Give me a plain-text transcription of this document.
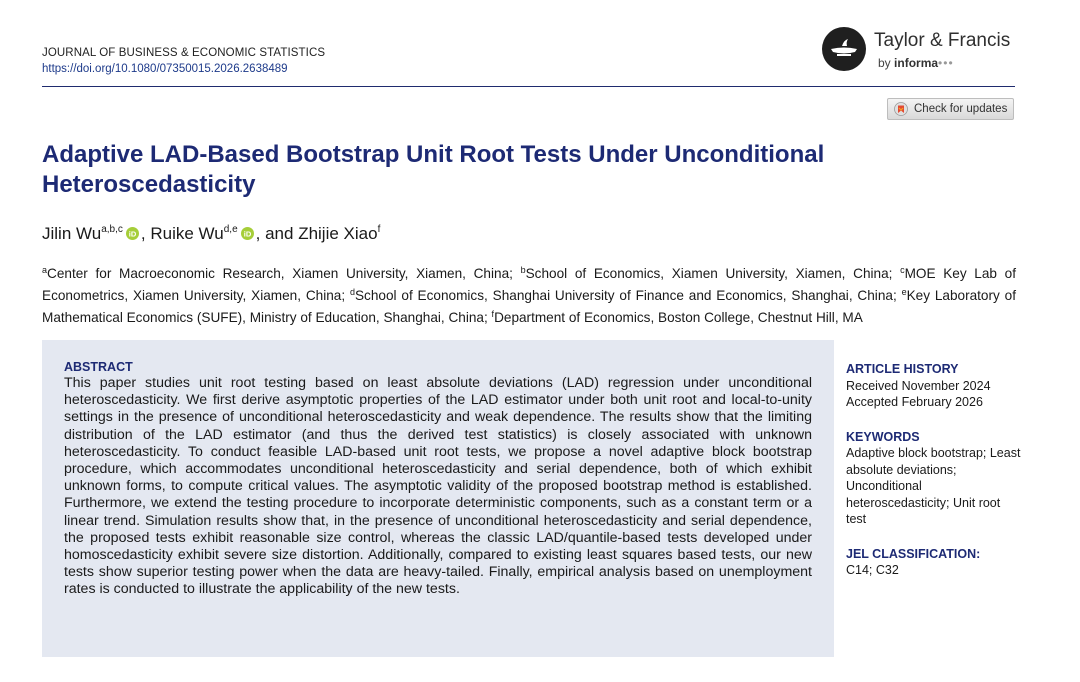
JOURNAL OF BUSINESS & ECONOMIC STATISTICS
https://doi.org/10.1080/07350015.2026.2638489
Taylor & Francis
by informa•••
Check for updates
Adaptive LAD-Based Bootstrap Unit Root Tests Under Unconditional Heteroscedasticity
Jilin Wu$^{a,b,c}$ iD , Ruike Wu$^{d,e}$ iD , and Zhijie Xiao$^f$
$^a$Center for Macroeconomic Research, Xiamen University, Xiamen, China; $^b$School of Economics, Xiamen University, Xiamen, China; $^c$MOE Key Lab of Econometrics, Xiamen University, Xiamen, China; $^d$School of Economics, Shanghai University of Finance and Economics, Shanghai, China; $^e$Key Laboratory of Mathematical Economics (SUFE), Ministry of Education, Shanghai, China; $^f$Department of Economics, Boston College, Chestnut Hill, MA
ABSTRACT

This paper studies unit root testing based on least absolute deviations (LAD) regression under unconditional heteroscedasticity. We first derive asymptotic properties of the LAD estimator under both unit root and local-to-unity settings in the presence of unconditional heteroscedasticity and weak dependence. The results show that the limiting distribution of the LAD estimator (and thus the derived test statistics) is closely associated with unknown heteroscedasticity. To conduct feasible LAD-based unit root tests, we propose a novel adaptive block bootstrap procedure, which accommodates unconditional heteroscedasticity and serial dependence, both of which exhibit unknown forms, to compute critical values. The asymptotic validity of the proposed bootstrap method is established. Furthermore, we extend the testing procedure to incorporate deterministic components, such as a constant term or a linear trend. Simulation results show that, in the presence of unconditional heteroscedasticity and serial dependence, the proposed tests exhibit reasonable size control, whereas the classic LAD/quantile-based tests developed under homoscedasticity exhibit severe size distortion. Additionally, compared to existing least squares based tests, our new tests show superior testing power when the data are heavy-tailed. Finally, empirical analysis based on unemployment rates is conducted to illustrate the applicability of the new tests.

ARTICLE HISTORY
Received November 2024
Accepted February 2026
KEYWORDS
Adaptive block bootstrap; Least absolute deviations; Unconditional heteroscedasticity; Unit root test
JEL CLASSIFICATION:
C14; C32
